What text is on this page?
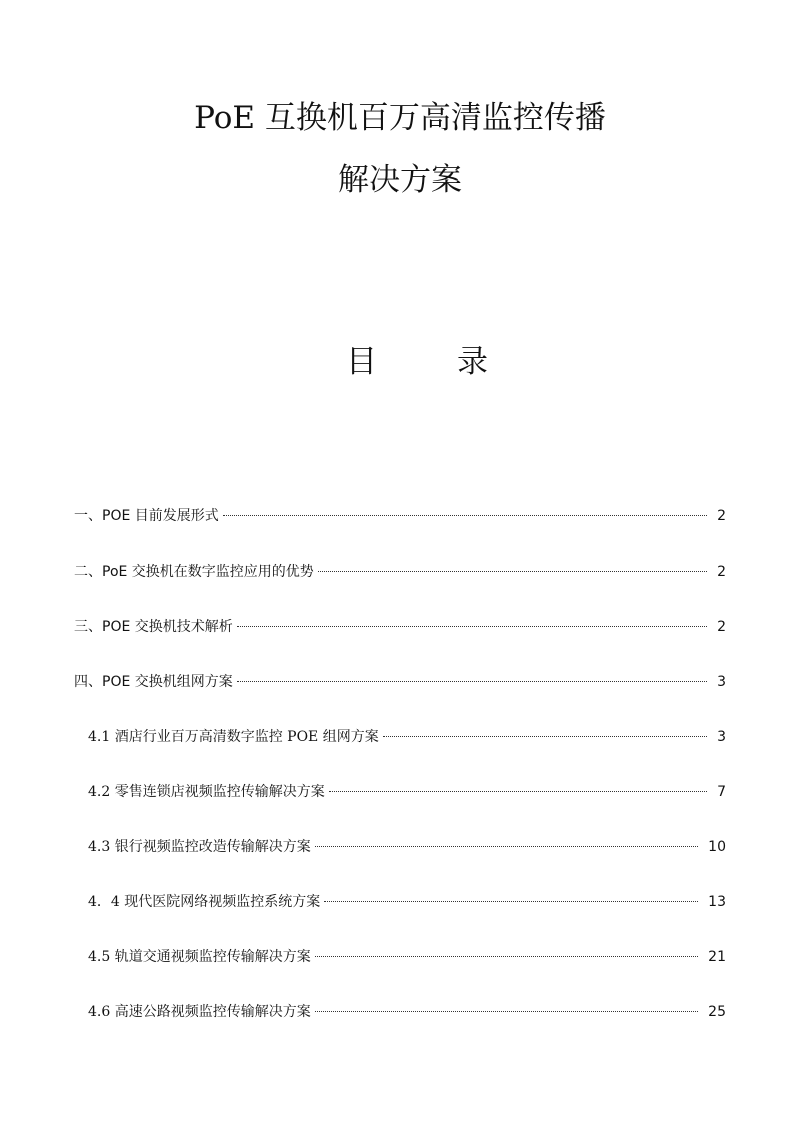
PoE 互换机百万高清监控传播
解决方案
目	录
一、POE 目前发展形式	2
二、PoE 交换机在数字监控应用的优势	2
三、POE 交换机技术解析	2
四、POE 交换机组网方案	3
4.1 酒店行业百万高清数字监控 POE 组网方案	3
4.2 零售连锁店视频监控传输解决方案	7
4.3 银行视频监控改造传输解决方案	10
4．4 现代医院网络视频监控系统方案	13
4.5 轨道交通视频监控传输解决方案	21
4.6 高速公路视频监控传输解决方案	25
